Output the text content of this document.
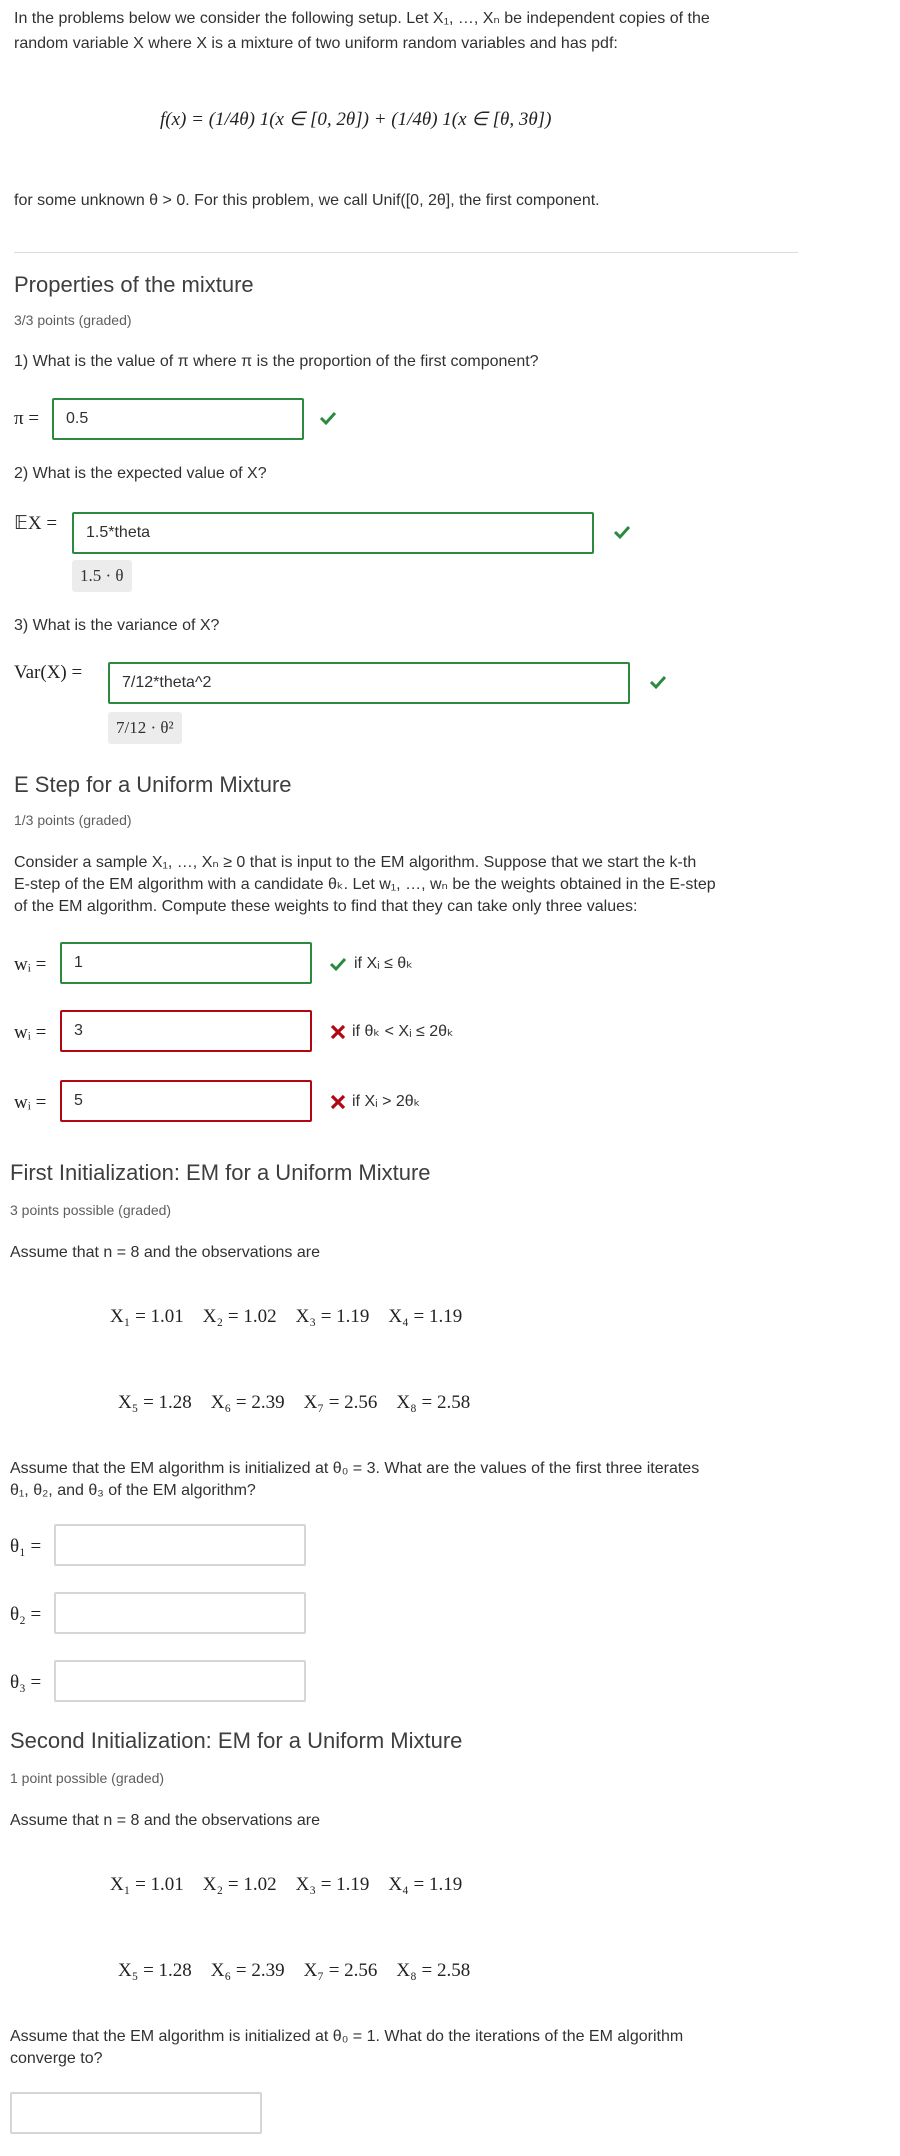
In the problems below we consider the following setup. Let X₁, …, Xₙ be independent copies of the
random variable X where X is a mixture of two uniform random variables and has pdf:
f(x) = (1/4θ) 1(x ∈ [0, 2θ]) + (1/4θ) 1(x ∈ [θ, 3θ])
for some unknown θ > 0. For this problem, we call Unif([0, 2θ], the first component.
Properties of the mixture
3/3 points (graded)
1) What is the value of π where π is the proportion of the first component?
π =	0.5
2) What is the expected value of X?
𝔼X =	1.5*theta
1.5 · θ
3) What is the variance of X?
Var(X) =	7/12*theta^2
7/12 · θ²
E Step for a Uniform Mixture
1/3 points (graded)
Consider a sample X₁, …, Xₙ ≥ 0 that is input to the EM algorithm. Suppose that we start the k-th
E-step of the EM algorithm with a candidate θₖ. Let w₁, …, wₙ be the weights obtained in the E-step
of the EM algorithm. Compute these weights to find that they can take only three values:
wᵢ =	1	if Xᵢ ≤ θₖ
wᵢ =	3	if θₖ < Xᵢ ≤ 2θₖ
wᵢ =	5	if Xᵢ > 2θₖ
First Initialization: EM for a Uniform Mixture
3 points possible (graded)
Assume that n = 8 and the observations are
X₁ = 1.01    X₂ = 1.02    X₃ = 1.19    X₄ = 1.19
X₅ = 1.28    X₆ = 2.39    X₇ = 2.56    X₈ = 2.58
Assume that the EM algorithm is initialized at θ₀ = 3. What are the values of the first three iterates
θ₁, θ₂, and θ₃ of the EM algorithm?
θ₁ =
θ₂ =
θ₃ =
Second Initialization: EM for a Uniform Mixture
1 point possible (graded)
Assume that n = 8 and the observations are
X₁ = 1.01    X₂ = 1.02    X₃ = 1.19    X₄ = 1.19
X₅ = 1.28    X₆ = 2.39    X₇ = 2.56    X₈ = 2.58
Assume that the EM algorithm is initialized at θ₀ = 1. What do the iterations of the EM algorithm
converge to?
